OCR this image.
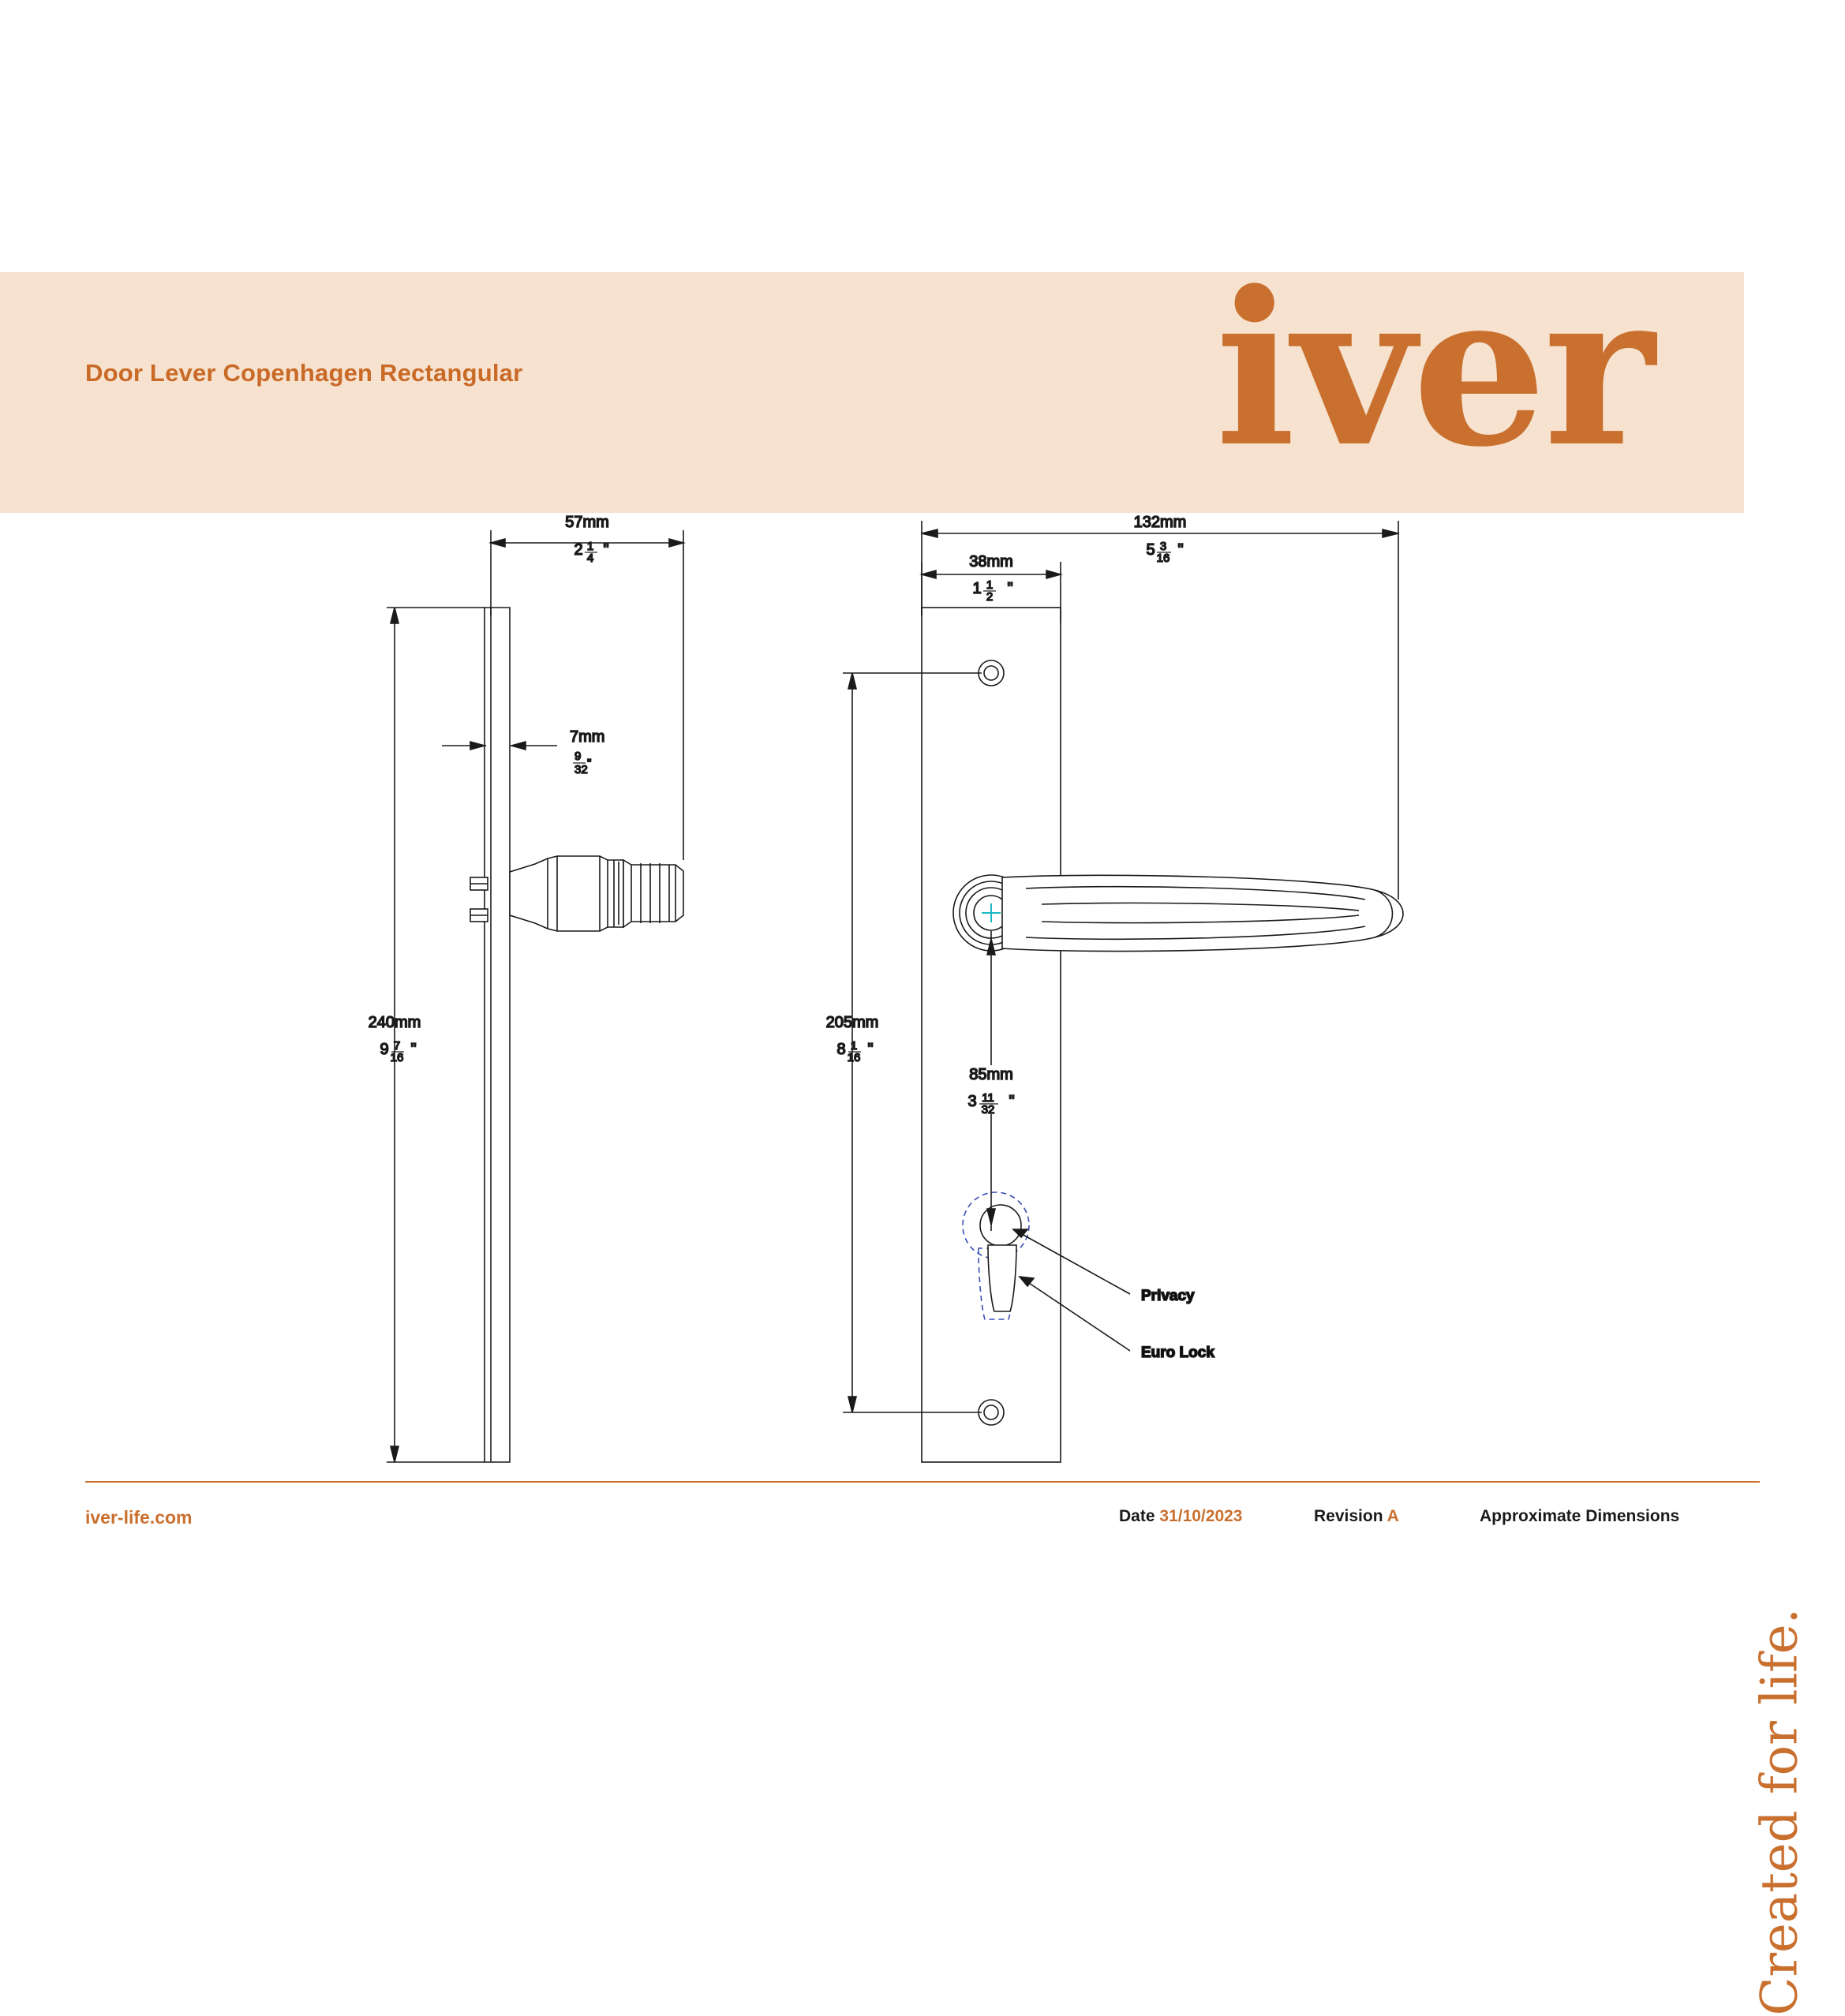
Door Lever Copenhagen Rectangular	iver
Created for life.
iver-life.com	Date 31/10/2023	Revision A	Approximate Dimensions
57mm
2 1
4 "
7mm
9
32 "
240mm
9 7
16 "
Privacy
Euro Lock
132mm
5 3
16 "
38mm
1 1
2 "
205mm
8 1
16 "
85mm
3 11
32 "
